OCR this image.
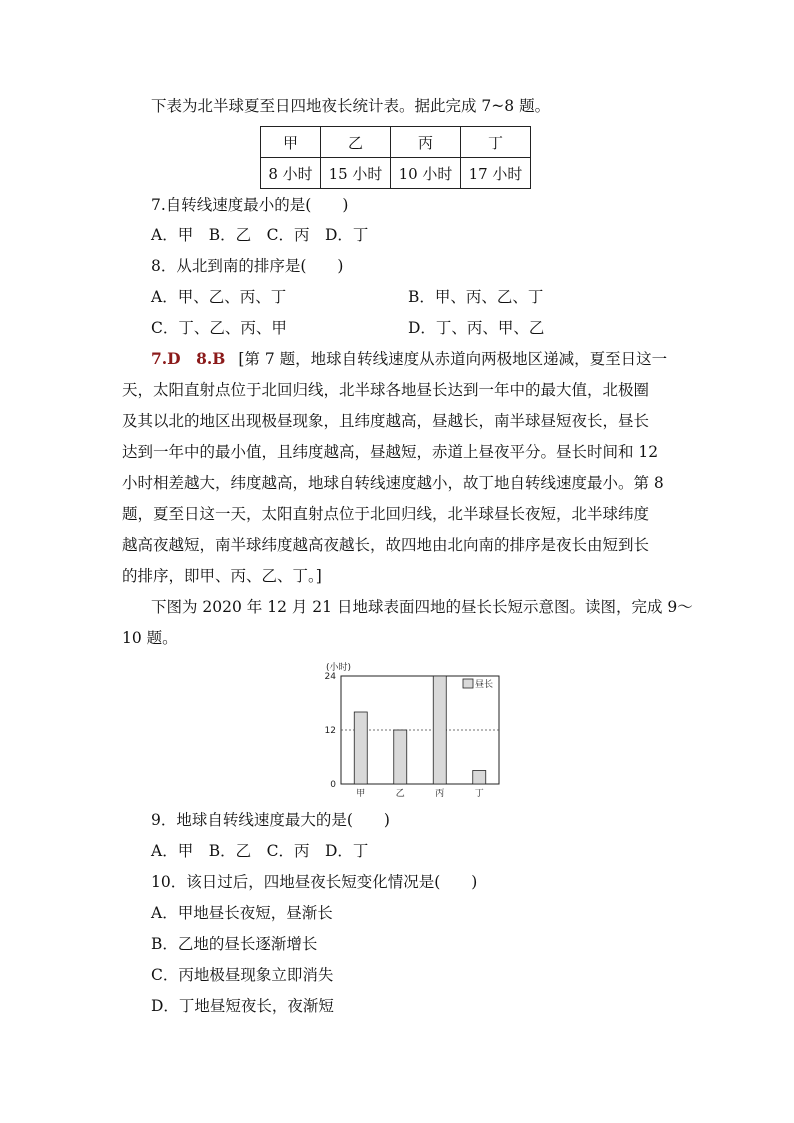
下表为北半球夏至日四地夜长统计表。据此完成 7~8 题。
甲	乙	丙	丁
8 小时	15 小时	10 小时	17 小时
7.自转线速度最小的是(　　)
A．甲　B．乙　C．丙　D．丁
8．从北到南的排序是(　　)
A．甲、乙、丙、丁	B．甲、丙、乙、丁
C．丁、乙、丙、甲	D．丁、丙、甲、乙
7.D　8.B [第 7 题，地球自转线速度从赤道向两极地区递减，夏至日这一
天，太阳直射点位于北回归线，北半球各地昼长达到一年中的最大值，北极圈
及其以北的地区出现极昼现象，且纬度越高，昼越长，南半球昼短夜长，昼长
达到一年中的最小值，且纬度越高，昼越短，赤道上昼夜平分。昼长时间和 12
小时相差越大，纬度越高，地球自转线速度越小，故丁地自转线速度最小。第 8
题，夏至日这一天，太阳直射点位于北回归线，北半球昼长夜短，北半球纬度
越高夜越短，南半球纬度越高夜越长，故四地由北向南的排序是夜长由短到长
的排序，即甲、丙、乙、丁。]
下图为 2020 年 12 月 21 日地球表面四地的昼长长短示意图。读图，完成 9～
10 题。
(小时)
0
12
24
甲	乙	丙	丁
昼长
9．地球自转线速度最大的是(　　)
A．甲　B．乙　C．丙　D．丁
10．该日过后，四地昼夜长短变化情况是(　　)
A．甲地昼长夜短，昼渐长
B．乙地的昼长逐渐增长
C．丙地极昼现象立即消失
D．丁地昼短夜长，夜渐短
